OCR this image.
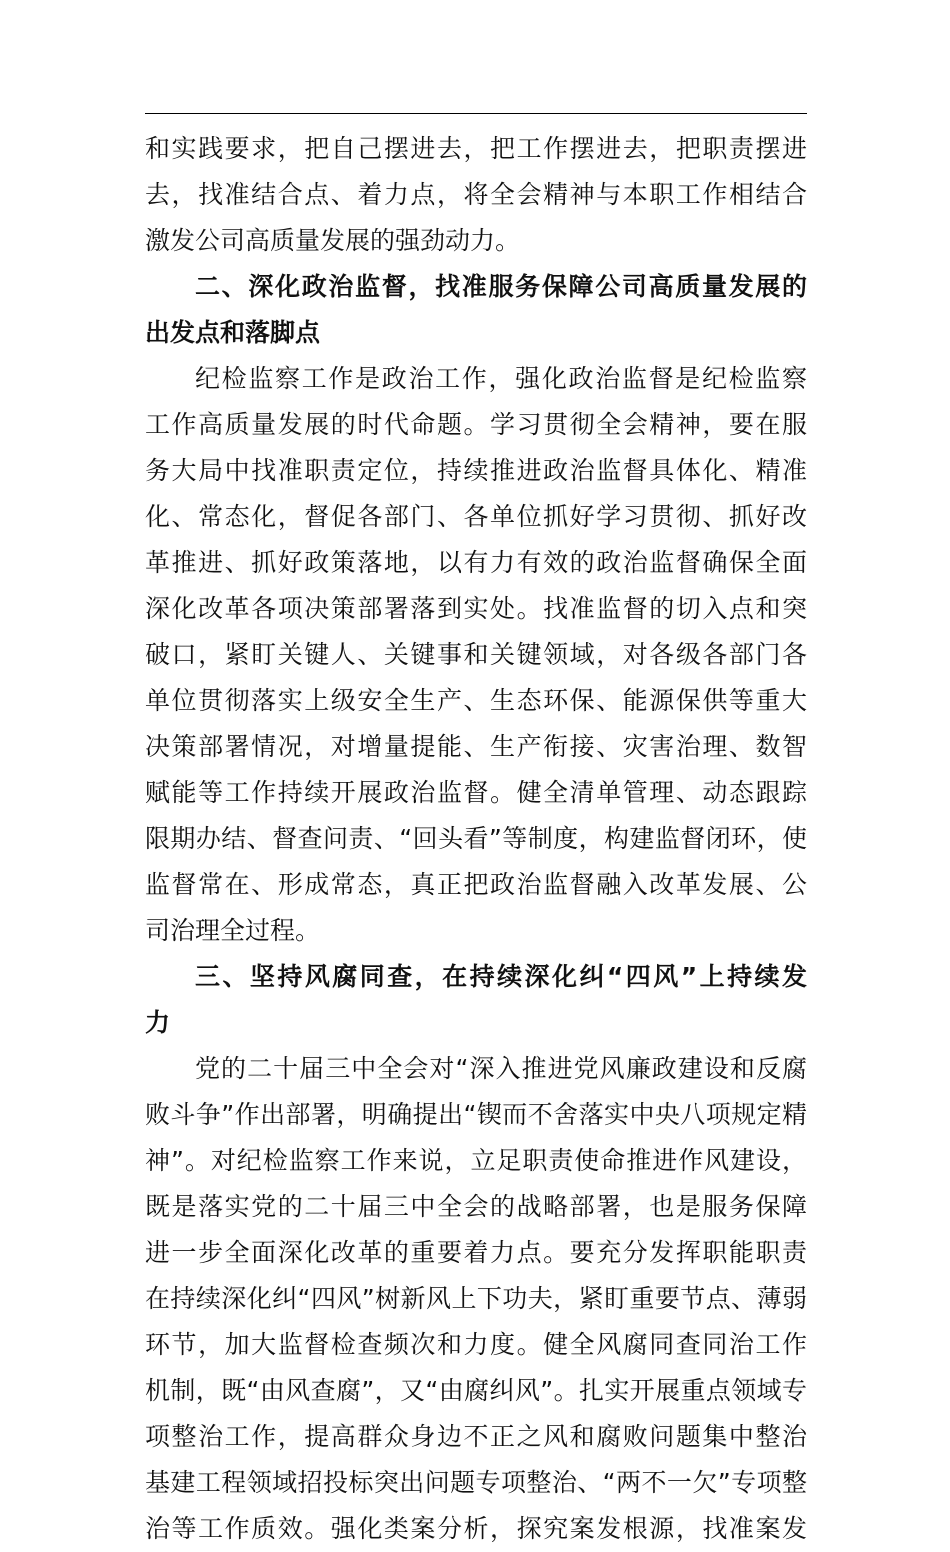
和实践要求，把自己摆进去，把工作摆进去，把职责摆进
去，找准结合点、着力点，将全会精神与本职工作相结合
激发公司高质量发展的强劲动力。
二、深化政治监督，找准服务保障公司高质量发展的
出发点和落脚点
纪检监察工作是政治工作，强化政治监督是纪检监察
工作高质量发展的时代命题。学习贯彻全会精神，要在服
务大局中找准职责定位，持续推进政治监督具体化、精准
化、常态化，督促各部门、各单位抓好学习贯彻、抓好改
革推进、抓好政策落地，以有力有效的政治监督确保全面
深化改革各项决策部署落到实处。找准监督的切入点和突
破口，紧盯关键人、关键事和关键领域，对各级各部门各
单位贯彻落实上级安全生产、生态环保、能源保供等重大
决策部署情况，对增量提能、生产衔接、灾害治理、数智
赋能等工作持续开展政治监督。健全清单管理、动态跟踪
限期办结、督查问责、“回头看”等制度，构建监督闭环，使
监督常在、形成常态，真正把政治监督融入改革发展、公
司治理全过程。
三、坚持风腐同查，在持续深化纠“四风”上持续发
力
党的二十届三中全会对“深入推进党风廉政建设和反腐
败斗争”作出部署，明确提出“锲而不舍落实中央八项规定精
神”。对纪检监察工作来说，立足职责使命推进作风建设，
既是落实党的二十届三中全会的战略部署，也是服务保障
进一步全面深化改革的重要着力点。要充分发挥职能职责
在持续深化纠“四风”树新风上下功夫，紧盯重要节点、薄弱
环节，加大监督检查频次和力度。健全风腐同查同治工作
机制，既“由风查腐”，又“由腐纠风”。扎实开展重点领域专
项整治工作，提高群众身边不正之风和腐败问题集中整治
基建工程领域招投标突出问题专项整治、“两不一欠”专项整
治等工作质效。强化类案分析，探究案发根源，找准案发
